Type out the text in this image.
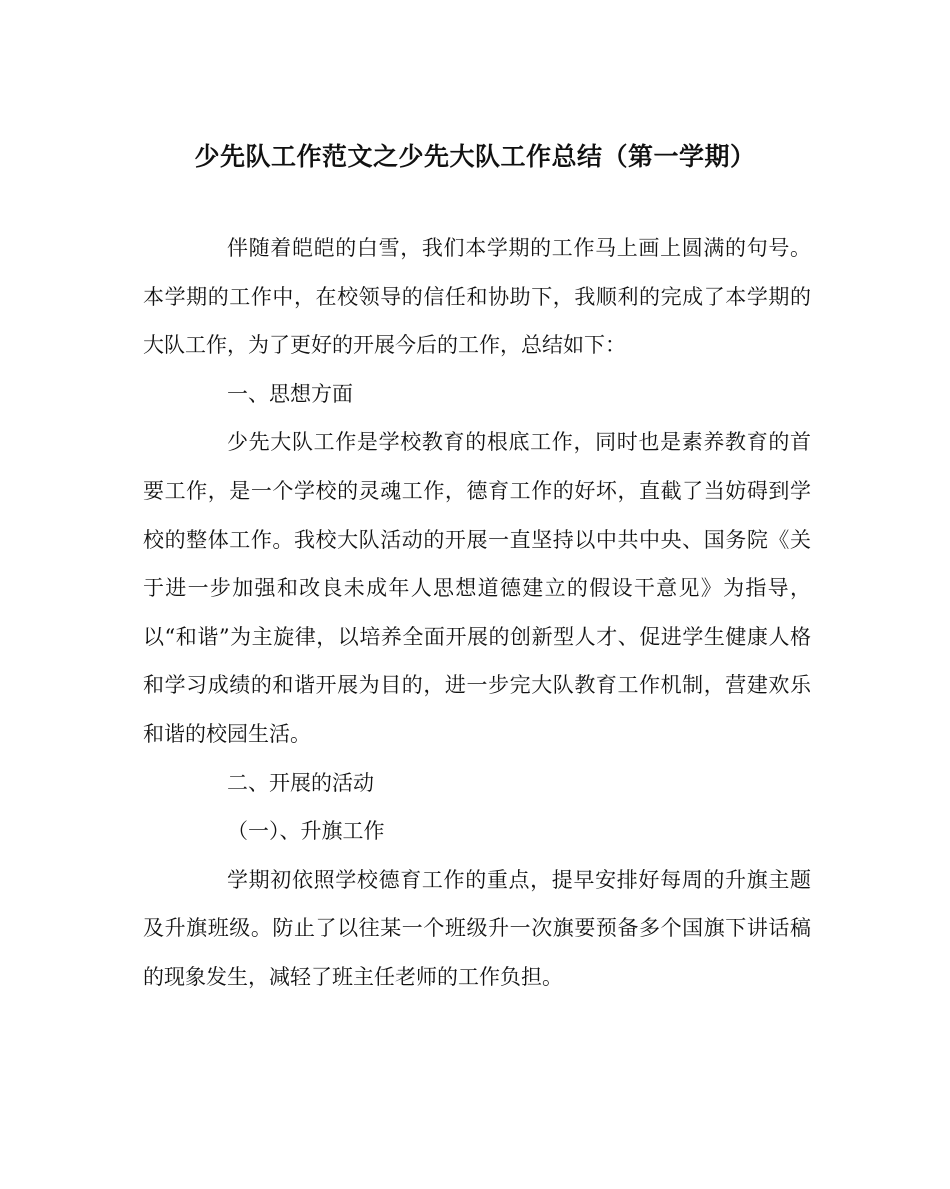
少先队工作范文之少先大队工作总结（第一学期）

伴随着皑皑的白雪，我们本学期的工作马上画上圆满的句号。本学期的工作中，在校领导的信任和协助下，我顺利的完成了本学期的大队工作，为了更好的开展今后的工作，总结如下：

一、思想方面

少先大队工作是学校教育的根底工作，同时也是素养教育的首要工作，是一个学校的灵魂工作，德育工作的好坏，直截了当妨碍到学校的整体工作。我校大队活动的开展一直坚持以中共中央、国务院《关于进一步加强和改良未成年人思想道德建立的假设干意见》为指导，以“和谐”为主旋律，以培养全面开展的创新型人才、促进学生健康人格和学习成绩的和谐开展为目的，进一步完大队教育工作机制，营建欢乐和谐的校园生活。

二、开展的活动

（一）、升旗工作

学期初依照学校德育工作的重点，提早安排好每周的升旗主题及升旗班级。防止了以往某一个班级升一次旗要预备多个国旗下讲话稿的现象发生，减轻了班主任老师的工作负担。
